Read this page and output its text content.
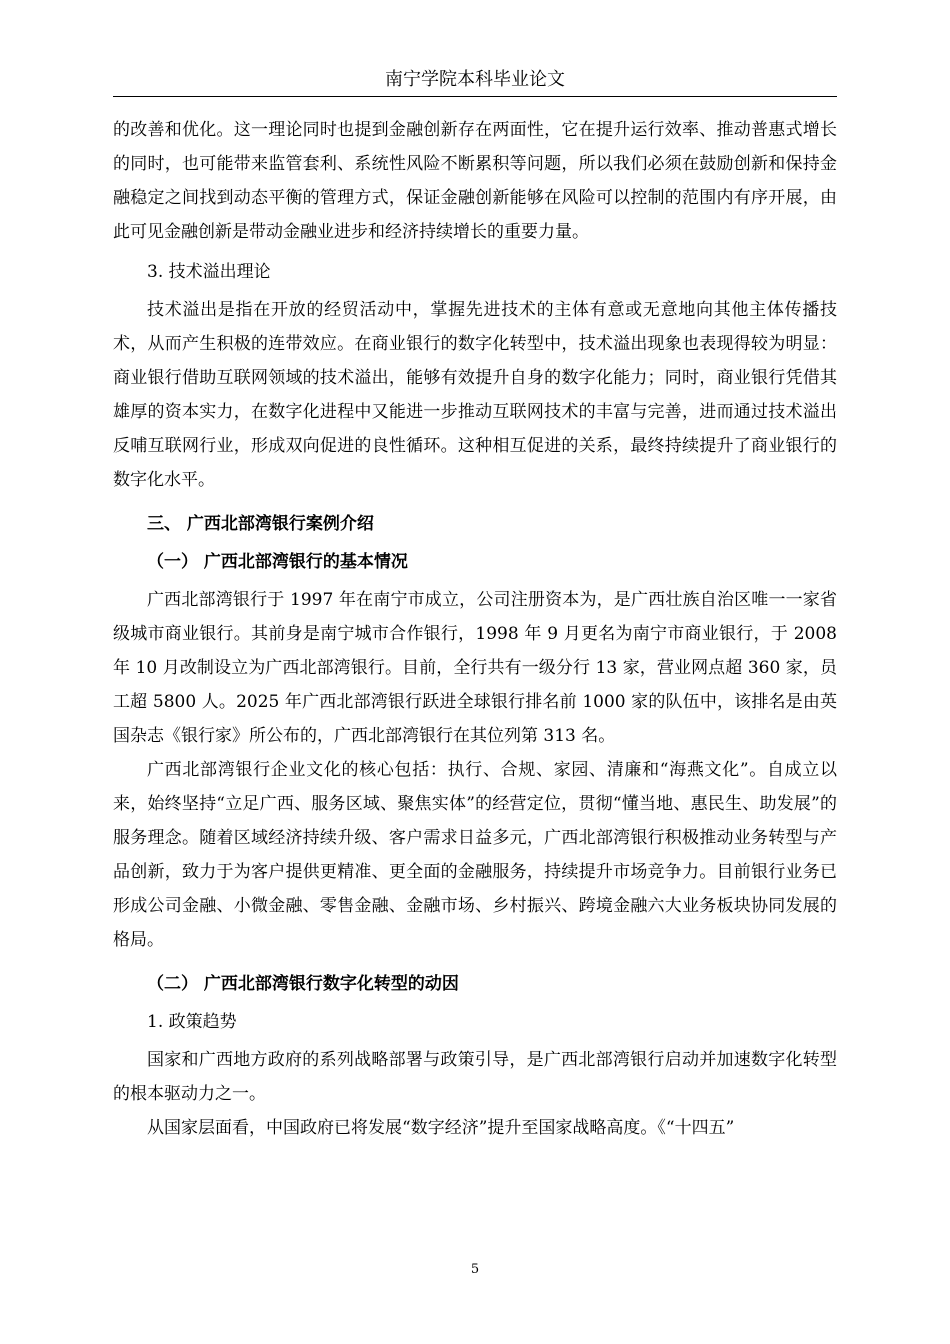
南宁学院本科毕业论文

的改善和优化。这一理论同时也提到金融创新存在两面性，它在提升运行效率、推动普惠式增长的同时，也可能带来监管套利、系统性风险不断累积等问题，所以我们必须在鼓励创新和保持金融稳定之间找到动态平衡的管理方式，保证金融创新能够在风险可以控制的范围内有序开展，由此可见金融创新是带动金融业进步和经济持续增长的重要力量。

3. 技术溢出理论

技术溢出是指在开放的经贸活动中，掌握先进技术的主体有意或无意地向其他主体传播技术，从而产生积极的连带效应。在商业银行的数字化转型中，技术溢出现象也表现得较为明显：商业银行借助互联网领域的技术溢出，能够有效提升自身的数字化能力；同时，商业银行凭借其雄厚的资本实力，在数字化进程中又能进一步推动互联网技术的丰富与完善，进而通过技术溢出反哺互联网行业，形成双向促进的良性循环。这种相互促进的关系，最终持续提升了商业银行的数字化水平。

三、 广西北部湾银行案例介绍

（一） 广西北部湾银行的基本情况

广西北部湾银行于 1997 年在南宁市成立，公司注册资本为，是广西壮族自治区唯一一家省级城市商业银行。其前身是南宁城市合作银行，1998 年 9 月更名为南宁市商业银行，于 2008 年 10 月改制设立为广西北部湾银行。目前，全行共有一级分行 13 家，营业网点超 360 家，员工超 5800 人。2025 年广西北部湾银行跃进全球银行排名前 1000 家的队伍中，该排名是由英国杂志《银行家》所公布的，广西北部湾银行在其位列第 313 名。

广西北部湾银行企业文化的核心包括：执行、合规、家园、清廉和“海燕文化”。自成立以来，始终坚持“立足广西、服务区域、聚焦实体”的经营定位，贯彻“懂当地、惠民生、助发展”的服务理念。随着区域经济持续升级、客户需求日益多元，广西北部湾银行积极推动业务转型与产品创新，致力于为客户提供更精准、更全面的金融服务，持续提升市场竞争力。目前银行业务已形成公司金融、小微金融、零售金融、金融市场、乡村振兴、跨境金融六大业务板块协同发展的格局。

（二） 广西北部湾银行数字化转型的动因

1. 政策趋势

国家和广西地方政府的系列战略部署与政策引导，是广西北部湾银行启动并加速数字化转型的根本驱动力之一。

从国家层面看，中国政府已将发展“数字经济”提升至国家战略高度。《“十四五”

5
